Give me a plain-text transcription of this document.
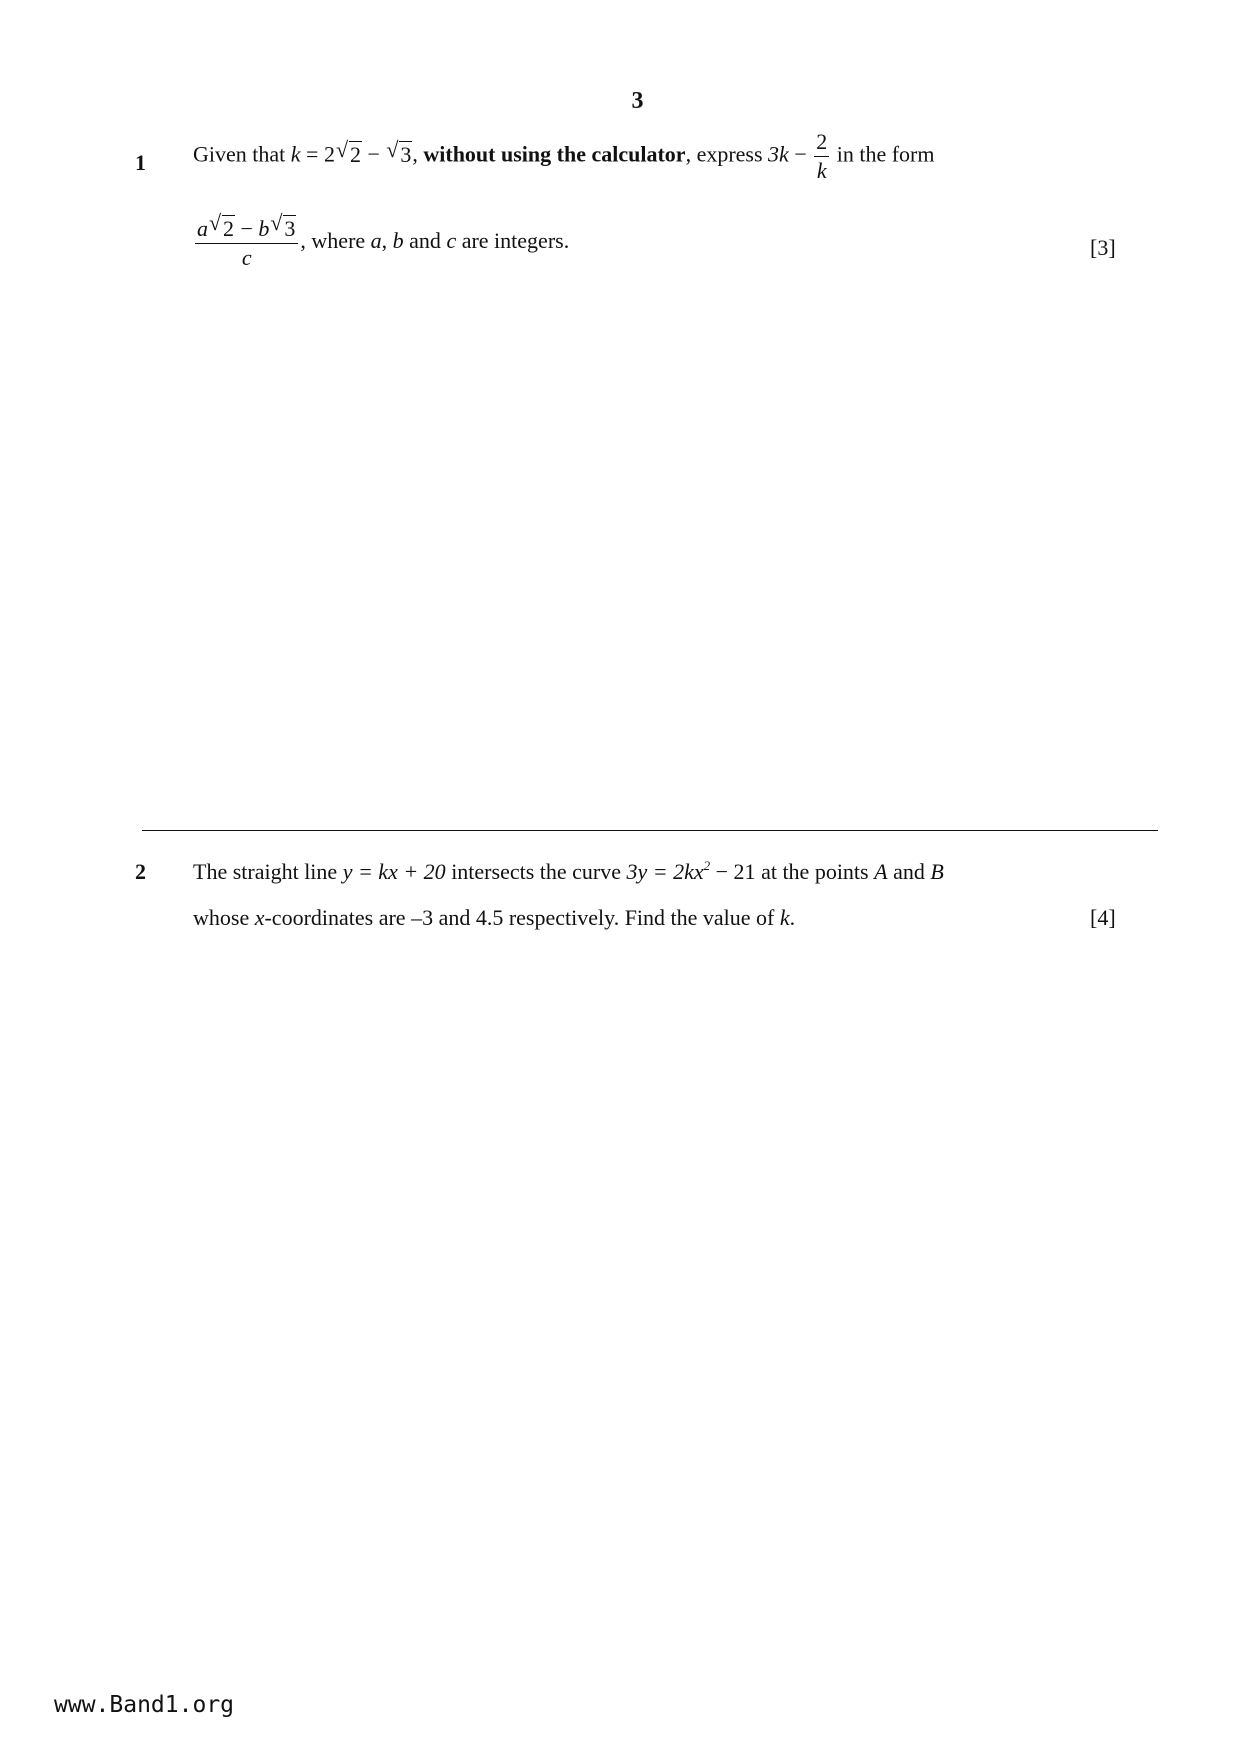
3
1 Given that k = 2 √ 2 − √ 3, without using the calculator, express $3k - \frac{2}{k}$ in the form
$\frac{a √ 2 - b √ 3}{c}$ , where a, b and c are integers.	[3]
2 The straight line y = kx + 20 intersects the curve $3y = 2kx^2 - 21$ at the points A and B
whose x-coordinates are –3 and 4.5 respectively. Find the value of k.	[4]
www.Band1.org
